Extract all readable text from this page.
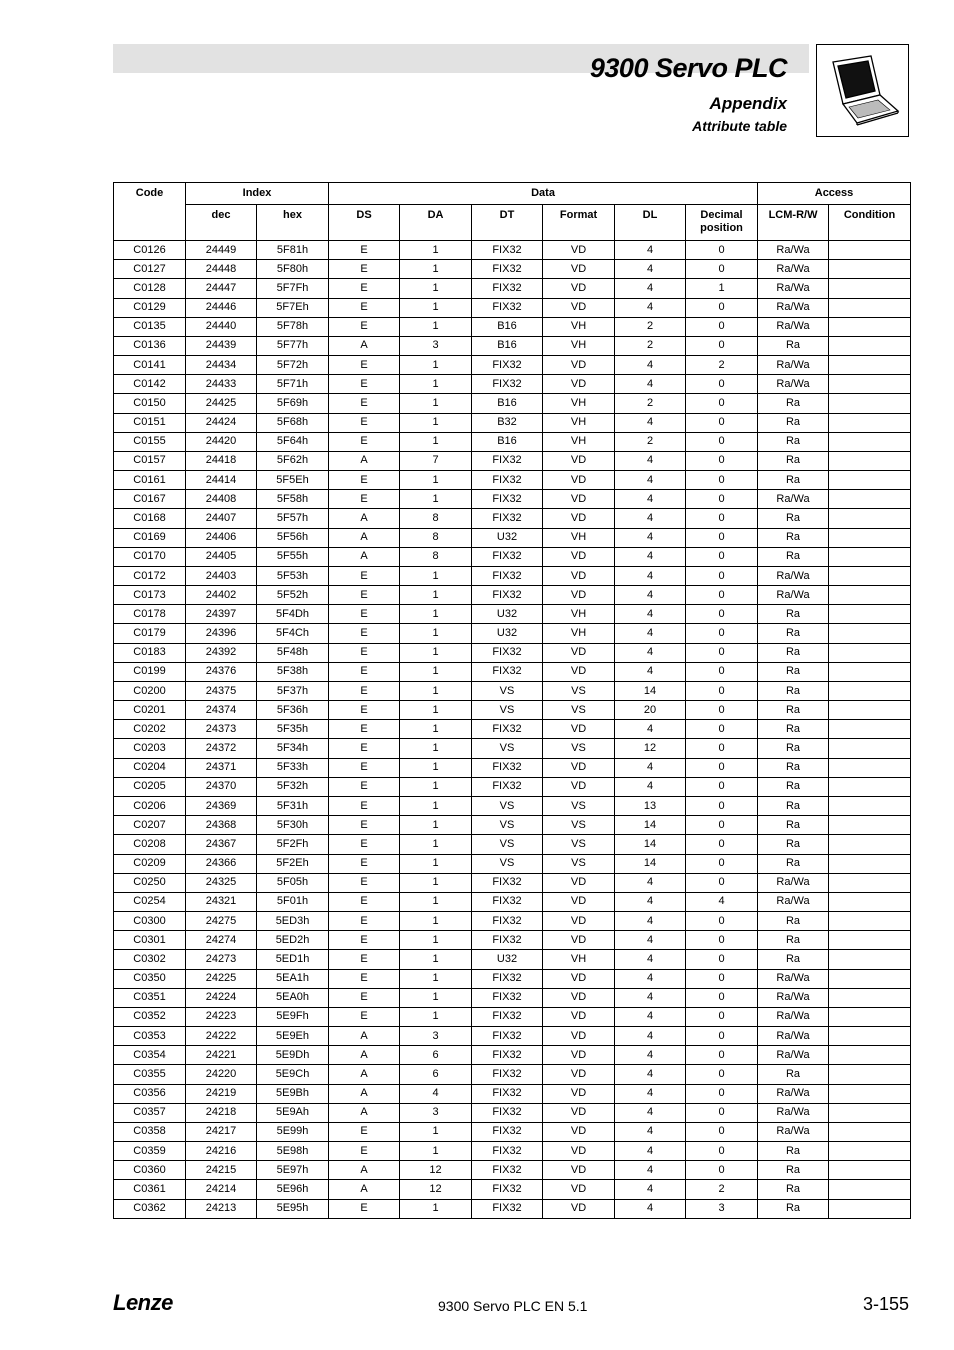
9300 Servo PLC
Appendix
Attribute table
Code	Index		Data						Access	
	dec	hex	DS	DA	DT	Format	DL	Decimal position	LCM-R/W	Condition
C0126	24449	5F81h	E	1	FIX32	VD	4	0	Ra/Wa	
C0127	24448	5F80h	E	1	FIX32	VD	4	0	Ra/Wa	
C0128	24447	5F7Fh	E	1	FIX32	VD	4	1	Ra/Wa	
C0129	24446	5F7Eh	E	1	FIX32	VD	4	0	Ra/Wa	
C0135	24440	5F78h	E	1	B16	VH	2	0	Ra/Wa	
C0136	24439	5F77h	A	3	B16	VH	2	0	Ra	
C0141	24434	5F72h	E	1	FIX32	VD	4	2	Ra/Wa	
C0142	24433	5F71h	E	1	FIX32	VD	4	0	Ra/Wa	
C0150	24425	5F69h	E	1	B16	VH	2	0	Ra	
C0151	24424	5F68h	E	1	B32	VH	4	0	Ra	
C0155	24420	5F64h	E	1	B16	VH	2	0	Ra	
C0157	24418	5F62h	A	7	FIX32	VD	4	0	Ra	
C0161	24414	5F5Eh	E	1	FIX32	VD	4	0	Ra	
C0167	24408	5F58h	E	1	FIX32	VD	4	0	Ra/Wa	
C0168	24407	5F57h	A	8	FIX32	VD	4	0	Ra	
C0169	24406	5F56h	A	8	U32	VH	4	0	Ra	
C0170	24405	5F55h	A	8	FIX32	VD	4	0	Ra	
C0172	24403	5F53h	E	1	FIX32	VD	4	0	Ra/Wa	
C0173	24402	5F52h	E	1	FIX32	VD	4	0	Ra/Wa	
C0178	24397	5F4Dh	E	1	U32	VH	4	0	Ra	
C0179	24396	5F4Ch	E	1	U32	VH	4	0	Ra	
C0183	24392	5F48h	E	1	FIX32	VD	4	0	Ra	
C0199	24376	5F38h	E	1	FIX32	VD	4	0	Ra	
C0200	24375	5F37h	E	1	VS	VS	14	0	Ra	
C0201	24374	5F36h	E	1	VS	VS	20	0	Ra	
C0202	24373	5F35h	E	1	FIX32	VD	4	0	Ra	
C0203	24372	5F34h	E	1	VS	VS	12	0	Ra	
C0204	24371	5F33h	E	1	FIX32	VD	4	0	Ra	
C0205	24370	5F32h	E	1	FIX32	VD	4	0	Ra	
C0206	24369	5F31h	E	1	VS	VS	13	0	Ra	
C0207	24368	5F30h	E	1	VS	VS	14	0	Ra	
C0208	24367	5F2Fh	E	1	VS	VS	14	0	Ra	
C0209	24366	5F2Eh	E	1	VS	VS	14	0	Ra	
C0250	24325	5F05h	E	1	FIX32	VD	4	0	Ra/Wa	
C0254	24321	5F01h	E	1	FIX32	VD	4	4	Ra/Wa	
C0300	24275	5ED3h	E	1	FIX32	VD	4	0	Ra	
C0301	24274	5ED2h	E	1	FIX32	VD	4	0	Ra	
C0302	24273	5ED1h	E	1	U32	VH	4	0	Ra	
C0350	24225	5EA1h	E	1	FIX32	VD	4	0	Ra/Wa	
C0351	24224	5EA0h	E	1	FIX32	VD	4	0	Ra/Wa	
C0352	24223	5E9Fh	E	1	FIX32	VD	4	0	Ra/Wa	
C0353	24222	5E9Eh	A	3	FIX32	VD	4	0	Ra/Wa	
C0354	24221	5E9Dh	A	6	FIX32	VD	4	0	Ra/Wa	
C0355	24220	5E9Ch	A	6	FIX32	VD	4	0	Ra	
C0356	24219	5E9Bh	A	4	FIX32	VD	4	0	Ra/Wa	
C0357	24218	5E9Ah	A	3	FIX32	VD	4	0	Ra/Wa	
C0358	24217	5E99h	E	1	FIX32	VD	4	0	Ra/Wa	
C0359	24216	5E98h	E	1	FIX32	VD	4	0	Ra	
C0360	24215	5E97h	A	12	FIX32	VD	4	0	Ra	
C0361	24214	5E96h	A	12	FIX32	VD	4	2	Ra	
C0362	24213	5E95h	E	1	FIX32	VD	4	3	Ra	
Lenze	9300 Servo PLC EN 5.1	3-155
